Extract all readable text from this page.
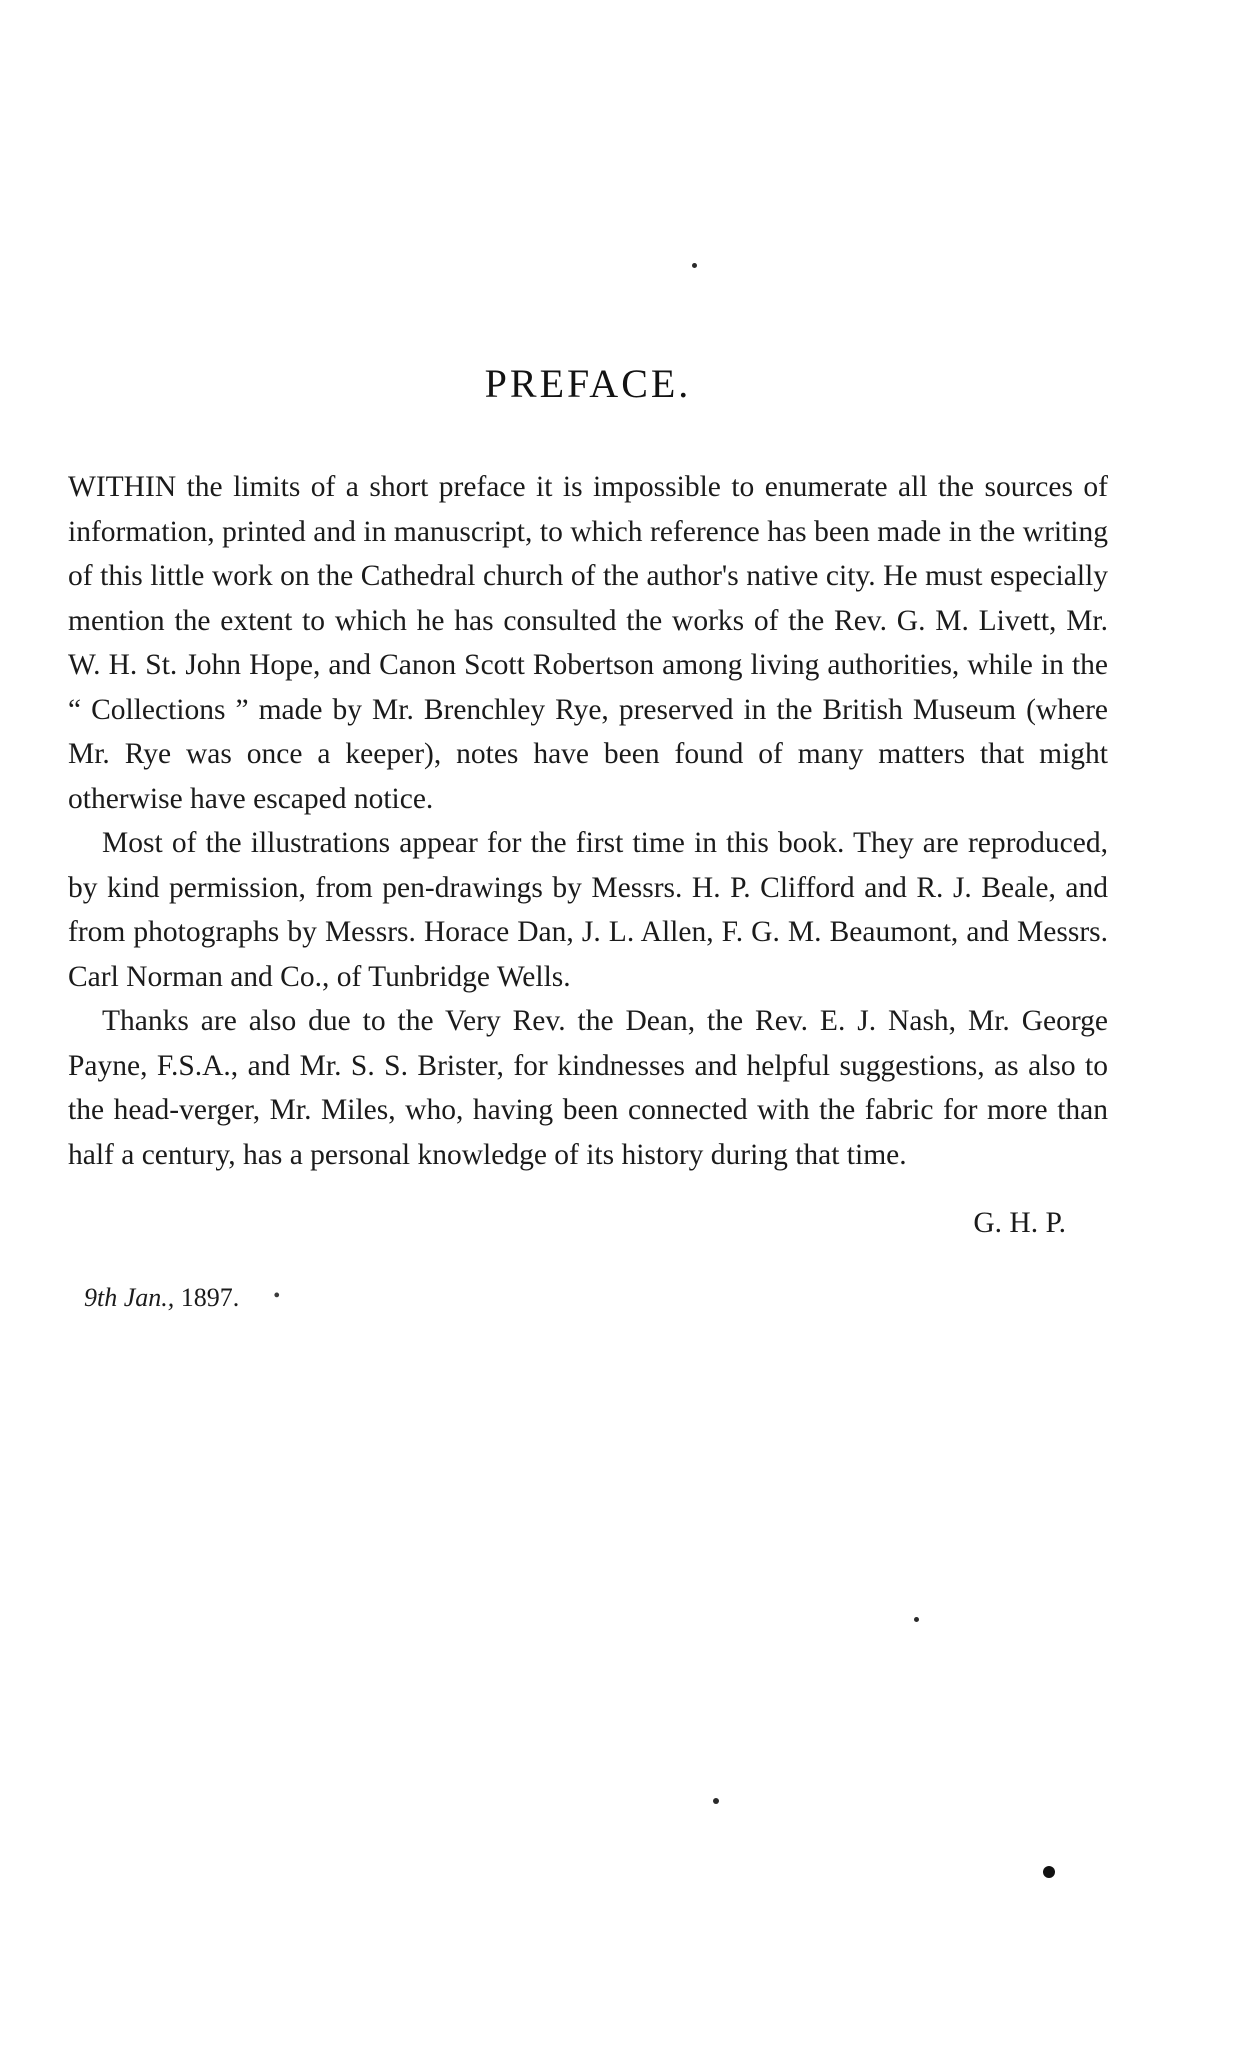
PREFACE.

WITHIN the limits of a short preface it is impossible to enumerate all the sources of information, printed and in manuscript, to which reference has been made in the writing of this little work on the Cathedral church of the author's native city. He must especially mention the extent to which he has consulted the works of the Rev. G. M. Livett, Mr. W. H. St. John Hope, and Canon Scott Robertson among living authorities, while in the “ Collections ” made by Mr. Brenchley Rye, preserved in the British Museum (where Mr. Rye was once a keeper), notes have been found of many matters that might otherwise have escaped notice.

Most of the illustrations appear for the first time in this book. They are reproduced, by kind permission, from pen-drawings by Messrs. H. P. Clifford and R. J. Beale, and from photographs by Messrs. Horace Dan, J. L. Allen, F. G. M. Beaumont, and Messrs. Carl Norman and Co., of Tunbridge Wells.

Thanks are also due to the Very Rev. the Dean, the Rev. E. J. Nash, Mr. George Payne, F.S.A., and Mr. S. S. Brister, for kindnesses and helpful suggestions, as also to the head-verger, Mr. Miles, who, having been connected with the fabric for more than half a century, has a personal knowledge of its history during that time.

G. H. P.

9th Jan., 1897. •
